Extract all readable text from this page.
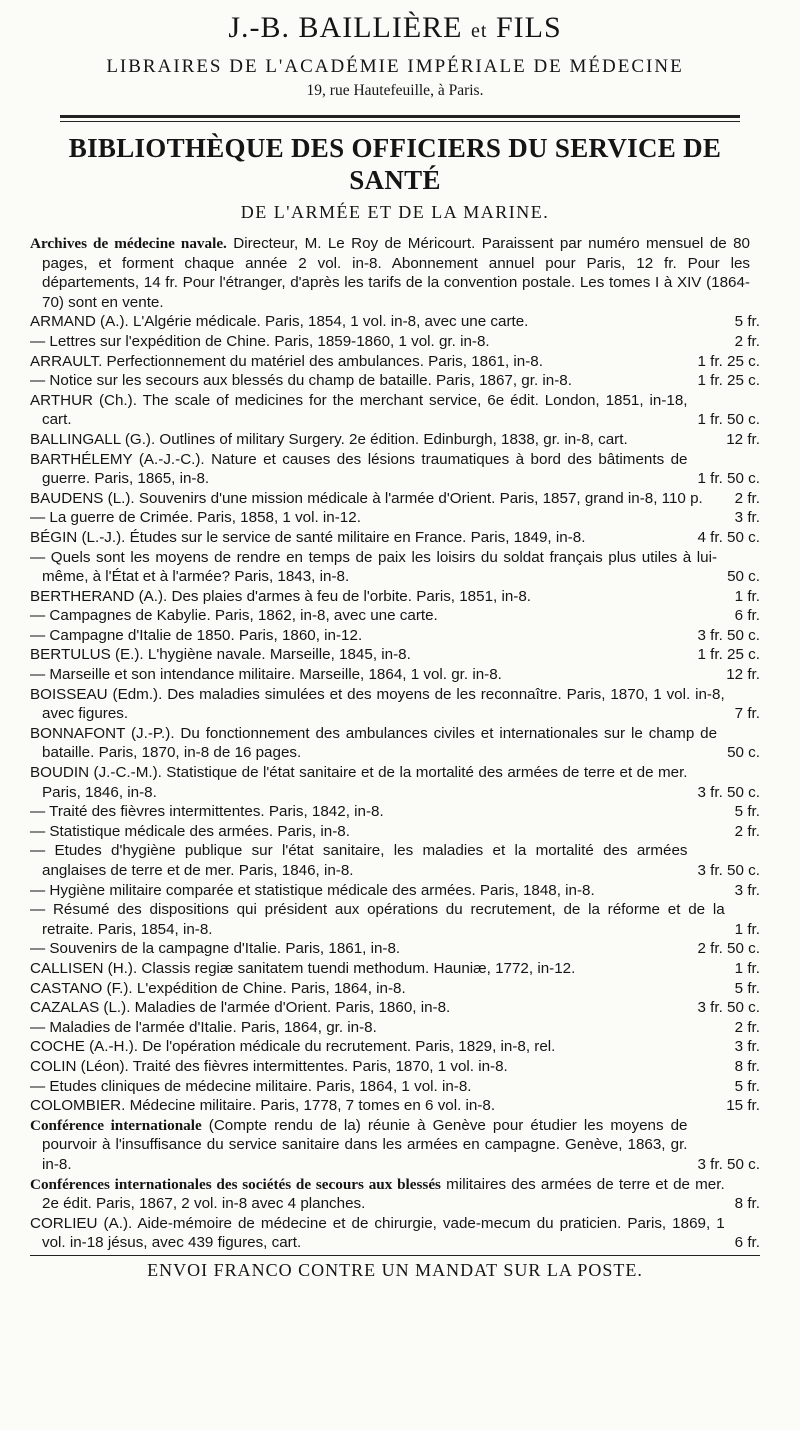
J.-B. BAILLIÈRE et FILS
LIBRAIRES DE L'ACADÉMIE IMPÉRIALE DE MÉDECINE
19, rue Hautefeuille, à Paris.
BIBLIOTHÈQUE DES OFFICIERS DU SERVICE DE SANTÉ
DE L'ARMÉE ET DE LA MARINE.
Archives de médecine navale. Directeur, M. Le Roy de Méricourt. Paraissent par numéro mensuel de 80 pages, et forment chaque année 2 vol. in-8. Abonnement annuel pour Paris, 12 fr. Pour les départements, 14 fr. Pour l'étranger, d'après les tarifs de la convention postale. Les tomes I à XIV (1864-70) sont en vente.
ARMAND (A.). L'Algérie médicale. Paris, 1854, 1 vol. in-8, avec une carte.	5 fr.
— Lettres sur l'expédition de Chine. Paris, 1859-1860, 1 vol. gr. in-8.	2 fr.
ARRAULT. Perfectionnement du matériel des ambulances. Paris, 1861, in-8.	1 fr. 25 c.
— Notice sur les secours aux blessés du champ de bataille. Paris, 1867, gr. in-8.	1 fr. 25 c.
ARTHUR (Ch.). The scale of medicines for the merchant service, 6e édit. London, 1851, in-18, cart.	1 fr. 50 c.
BALLINGALL (G.). Outlines of military Surgery. 2e édition. Edinburgh, 1838, gr. in-8, cart.	12 fr.
BARTHÉLEMY (A.-J.-C.). Nature et causes des lésions traumatiques à bord des bâtiments de guerre. Paris, 1865, in-8.	1 fr. 50 c.
BAUDENS (L.). Souvenirs d'une mission médicale à l'armée d'Orient. Paris, 1857, grand in-8, 110 p.	2 fr.
— La guerre de Crimée. Paris, 1858, 1 vol. in-12.	3 fr.
BÉGIN (L.-J.). Études sur le service de santé militaire en France. Paris, 1849, in-8.	4 fr. 50 c.
— Quels sont les moyens de rendre en temps de paix les loisirs du soldat français plus utiles à lui-même, à l'État et à l'armée? Paris, 1843, in-8.	50 c.
BERTHERAND (A.). Des plaies d'armes à feu de l'orbite. Paris, 1851, in-8.	1 fr.
— Campagnes de Kabylie. Paris, 1862, in-8, avec une carte.	6 fr.
— Campagne d'Italie de 1850. Paris, 1860, in-12.	3 fr. 50 c.
BERTULUS (E.). L'hygiène navale. Marseille, 1845, in-8.	1 fr. 25 c.
— Marseille et son intendance militaire. Marseille, 1864, 1 vol. gr. in-8.	12 fr.
BOISSEAU (Edm.). Des maladies simulées et des moyens de les reconnaître. Paris, 1870, 1 vol. in-8, avec figures.	7 fr.
BONNAFONT (J.-P.). Du fonctionnement des ambulances civiles et internationales sur le champ de bataille. Paris, 1870, in-8 de 16 pages.	50 c.
BOUDIN (J.-C.-M.). Statistique de l'état sanitaire et de la mortalité des armées de terre et de mer. Paris, 1846, in-8.	3 fr. 50 c.
— Traité des fièvres intermittentes. Paris, 1842, in-8.	5 fr.
— Statistique médicale des armées. Paris, in-8.	2 fr.
— Etudes d'hygiène publique sur l'état sanitaire, les maladies et la mortalité des armées anglaises de terre et de mer. Paris, 1846, in-8.	3 fr. 50 c.
— Hygiène militaire comparée et statistique médicale des armées. Paris, 1848, in-8.	3 fr.
— Résumé des dispositions qui président aux opérations du recrutement, de la réforme et de la retraite. Paris, 1854, in-8.	1 fr.
— Souvenirs de la campagne d'Italie. Paris, 1861, in-8.	2 fr. 50 c.
CALLISEN (H.). Classis regiæ sanitatem tuendi methodum. Hauniæ, 1772, in-12.	1 fr.
CASTANO (F.). L'expédition de Chine. Paris, 1864, in-8.	5 fr.
CAZALAS (L.). Maladies de l'armée d'Orient. Paris, 1860, in-8.	3 fr. 50 c.
— Maladies de l'armée d'Italie. Paris, 1864, gr. in-8.	2 fr.
COCHE (A.-H.). De l'opération médicale du recrutement. Paris, 1829, in-8, rel.	3 fr.
COLIN (Léon). Traité des fièvres intermittentes. Paris, 1870, 1 vol. in-8.	8 fr.
— Etudes cliniques de médecine militaire. Paris, 1864, 1 vol. in-8.	5 fr.
COLOMBIER. Médecine militaire. Paris, 1778, 7 tomes en 6 vol. in-8.	15 fr.
Conférence internationale (Compte rendu de la) réunie à Genève pour étudier les moyens de pourvoir à l'insuffisance du service sanitaire dans les armées en campagne. Genève, 1863, gr. in-8.	3 fr. 50 c.
Conférences internationales des sociétés de secours aux blessés militaires des armées de terre et de mer. 2e édit. Paris, 1867, 2 vol. in-8 avec 4 planches.	8 fr.
CORLIEU (A.). Aide-mémoire de médecine et de chirurgie, vade-mecum du praticien. Paris, 1869, 1 vol. in-18 jésus, avec 439 figures, cart.	6 fr.
ENVOI FRANCO CONTRE UN MANDAT SUR LA POSTE.
